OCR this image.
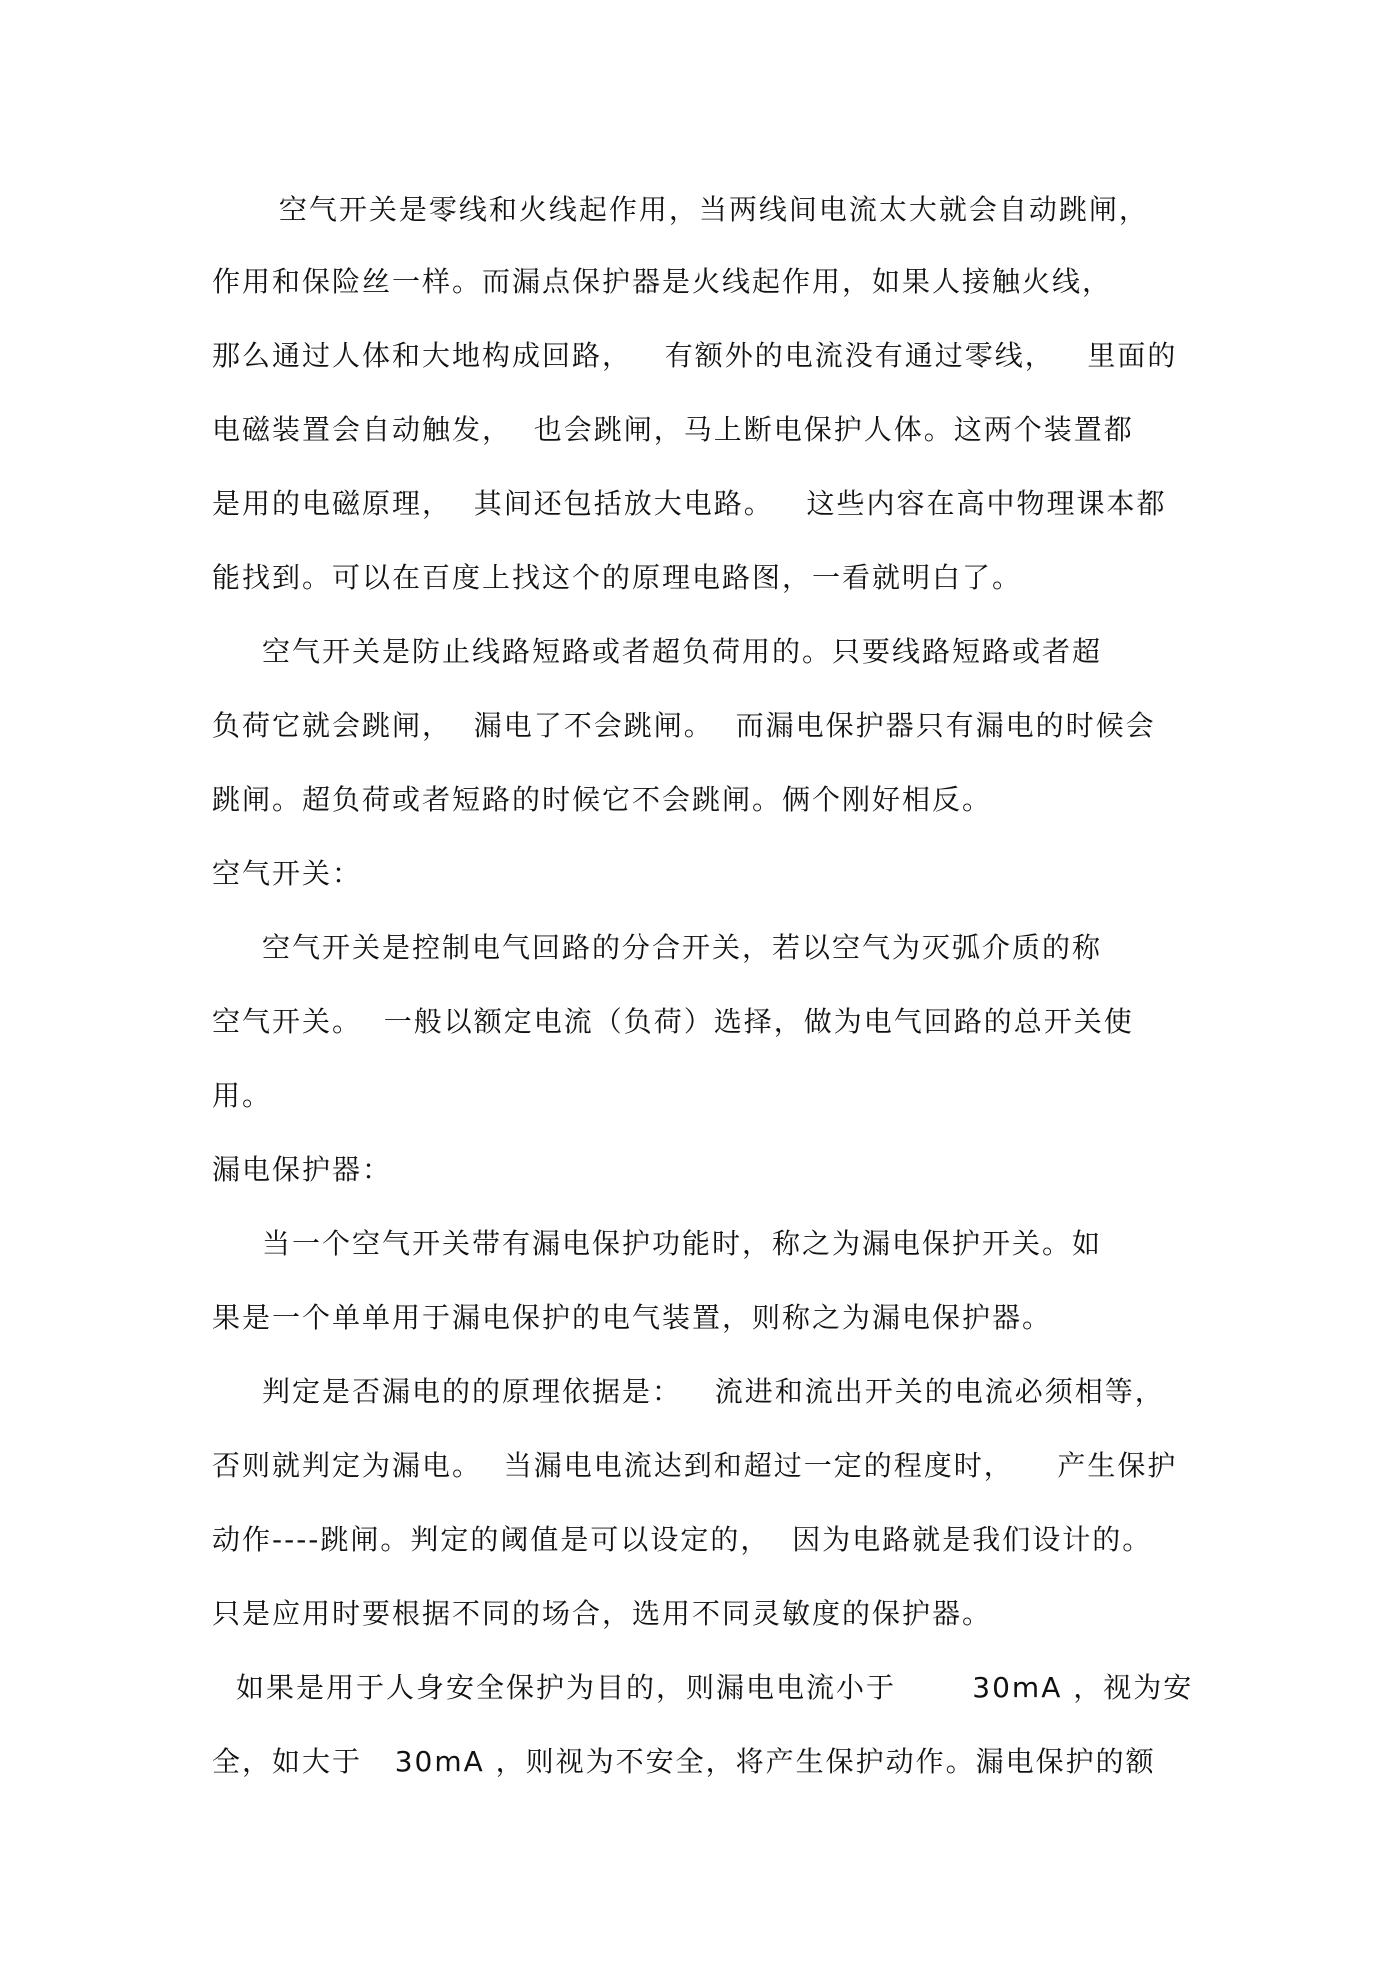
空气开关是零线和火线起作用，当两线间电流太大就会自动跳闸，

作用和保险丝一样。而漏点保护器是火线起作用，如果人接触火线，

那么通过人体和大地构成回路，   有额外的电流没有通过零线，   里面的

电磁装置会自动触发，  也会跳闸，马上断电保护人体。这两个装置都

是用的电磁原理，  其间还包括放大电路。   这些内容在高中物理课本都

能找到。可以在百度上找这个的原理电路图，一看就明白了。

空气开关是防止线路短路或者超负荷用的。只要线路短路或者超

负荷它就会跳闸，  漏电了不会跳闸。  而漏电保护器只有漏电的时候会

跳闸。超负荷或者短路的时候它不会跳闸。俩个刚好相反。

空气开关：

空气开关是控制电气回路的分合开关，若以空气为灭弧介质的称

空气开关。  一般以额定电流（负荷）选择，做为电气回路的总开关使

用。

漏电保护器：

当一个空气开关带有漏电保护功能时，称之为漏电保护开关。如

果是一个单单用于漏电保护的电气装置，则称之为漏电保护器。

判定是否漏电的的原理依据是：   流进和流出开关的电流必须相等，

否则就判定为漏电。  当漏电电流达到和超过一定的程度时，    产生保护

动作----跳闸。判定的阈值是可以设定的，  因为电路就是我们设计的。

只是应用时要根据不同的场合，选用不同灵敏度的保护器。

如果是用于人身安全保护为目的，则漏电电流小于       30mA ，视为安

全，如大于   30mA ，则视为不安全，将产生保护动作。漏电保护的额
